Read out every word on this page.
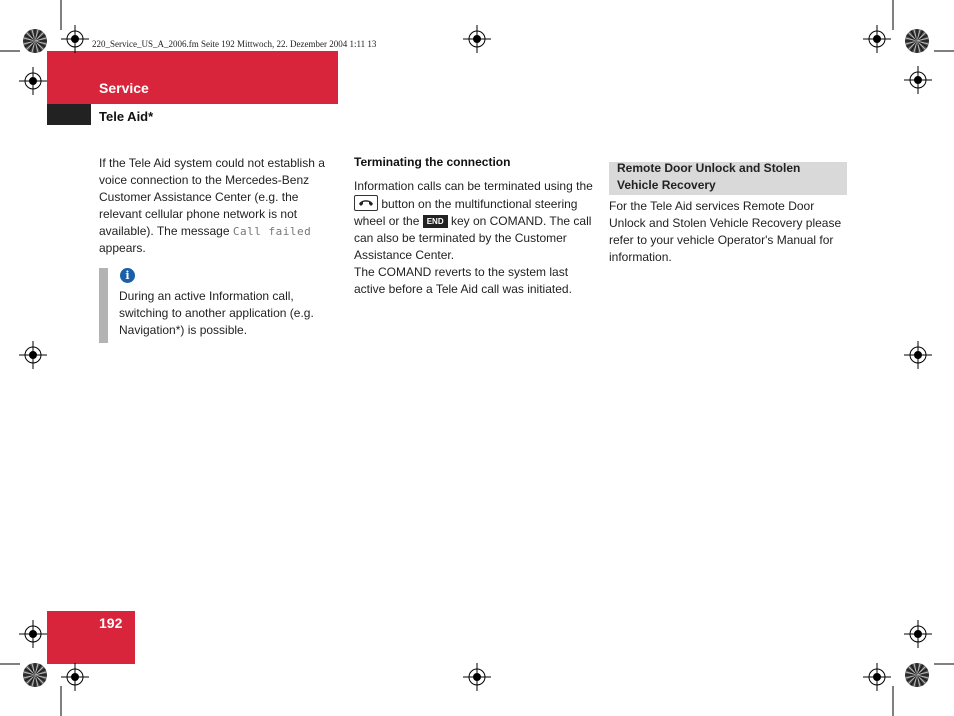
220_Service_US_A_2006.fm Seite 192 Mittwoch, 22. Dezember 2004 1:11 13
Service
Tele Aid*
If the Tele Aid system could not establish a voice connection to the Mercedes-Benz Customer Assistance Center (e.g. the relevant cellular phone network is not available). The message Call failed appears.
i
During an active Information call, switching to another application (e.g. Navigation*) is possible.
Terminating the connection
Information calls can be terminated using the
button on the multifunctional steering wheel or the END key on COMAND. The call can also be terminated by the Customer Assistance Center.
The COMAND reverts to the system last active before a Tele Aid call was initiated.
Remote Door Unlock and Stolen Vehicle Recovery
For the Tele Aid services Remote Door Unlock and Stolen Vehicle Recovery please refer to your vehicle Operator's Manual for information.
192
